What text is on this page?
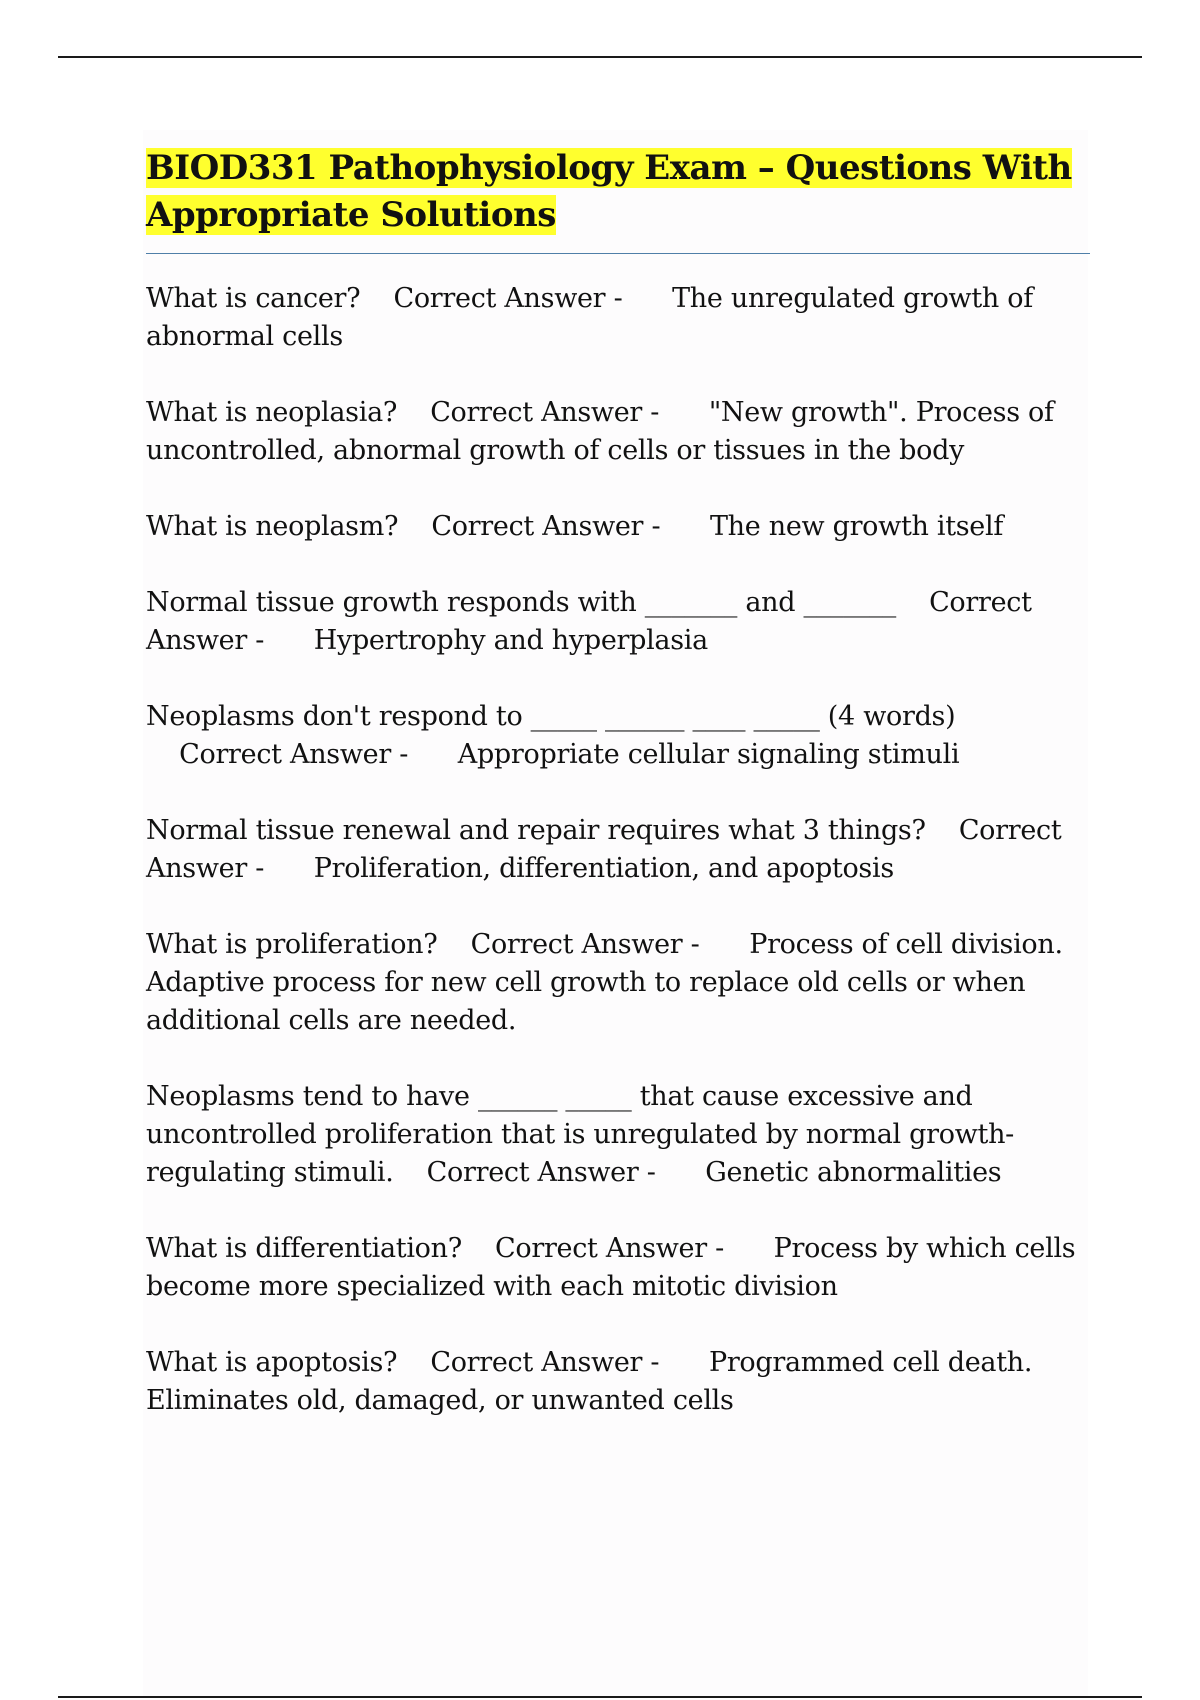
BIOD331 Pathophysiology Exam – Questions With Appropriate Solutions

What is cancer? Correct Answer - The unregulated growth of abnormal cells

What is neoplasia? Correct Answer - "New growth". Process of uncontrolled, abnormal growth of cells or tissues in the body

What is neoplasm? Correct Answer - The new growth itself

Normal tissue growth responds with _______ and _______ Correct Answer - Hypertrophy and hyperplasia

Neoplasms don't respond to _____ ______ ____ _____ (4 words)    Correct Answer - Appropriate cellular signaling stimuli

Normal tissue renewal and repair requires what 3 things? Correct Answer - Proliferation, differentiation, and apoptosis

What is proliferation? Correct Answer - Process of cell division. Adaptive process for new cell growth to replace old cells or when additional cells are needed.

Neoplasms tend to have ______ _____ that cause excessive and uncontrolled proliferation that is unregulated by normal growth-regulating stimuli. Correct Answer - Genetic abnormalities

What is differentiation? Correct Answer - Process by which cells become more specialized with each mitotic division

What is apoptosis? Correct Answer - Programmed cell death. Eliminates old, damaged, or unwanted cells
